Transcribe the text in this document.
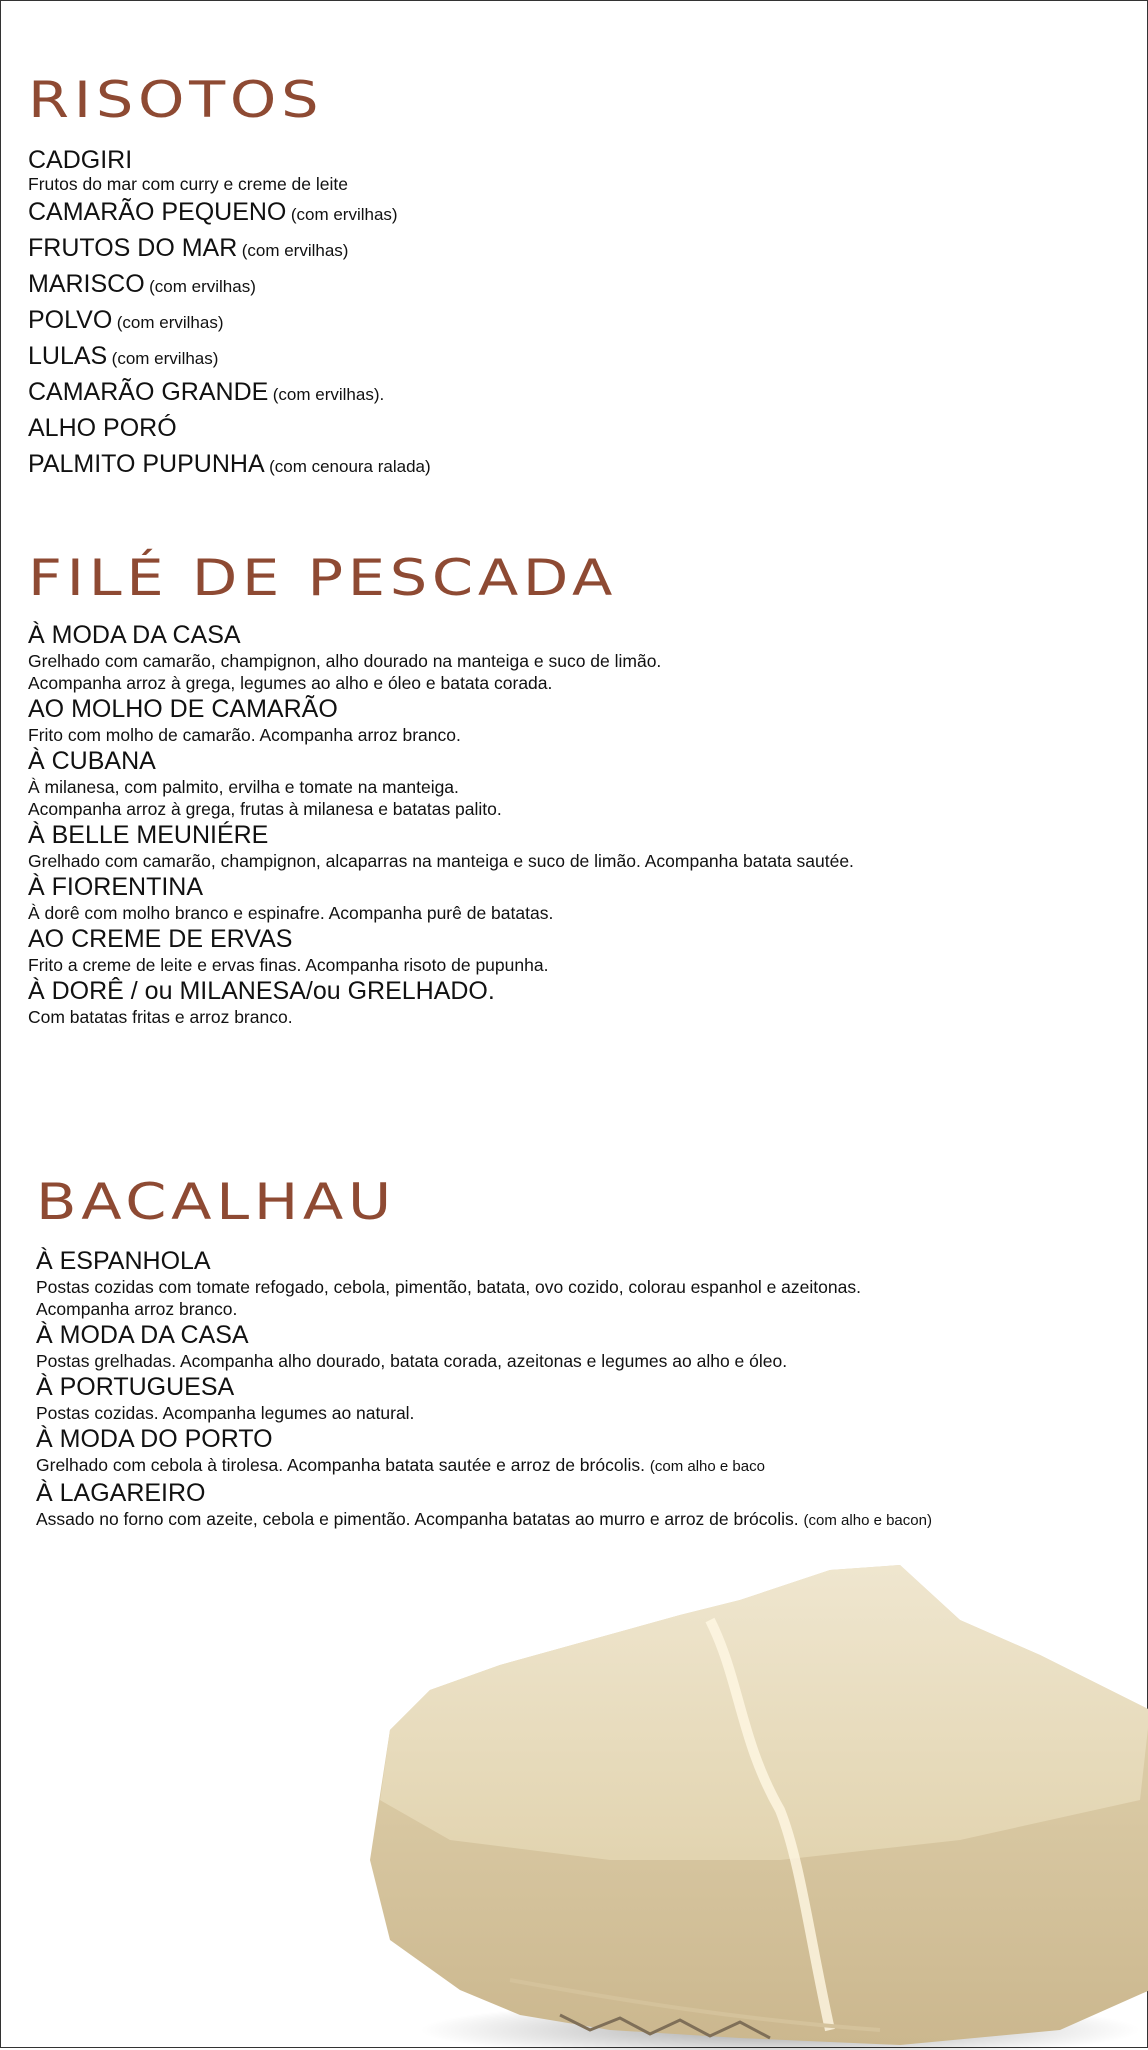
RISOTOS
CADGIRI
Frutos do mar com curry e creme de leite
CAMARÃO PEQUENO (com ervilhas)
FRUTOS DO MAR (com ervilhas)
MARISCO (com ervilhas)
POLVO (com ervilhas)
LULAS (com ervilhas)
CAMARÃO GRANDE (com ervilhas).
ALHO PORÓ
PALMITO PUPUNHA (com cenoura ralada)
FILÉ DE PESCADA
À MODA DA CASA
Grelhado com camarão, champignon, alho dourado na manteiga e suco de limão.
Acompanha arroz à grega, legumes ao alho e óleo e batata corada.
AO MOLHO DE CAMARÃO
Frito com molho de camarão. Acompanha arroz branco.
À CUBANA
À milanesa, com palmito, ervilha e tomate na manteiga.
Acompanha arroz à grega, frutas à milanesa e batatas palito.
À BELLE MEUNIÉRE
Grelhado com camarão, champignon, alcaparras na manteiga e suco de limão. Acompanha batata sautée.
À FIORENTINA
À dorê com molho branco e espinafre. Acompanha purê de batatas.
AO CREME DE ERVAS
Frito a creme de leite e ervas finas. Acompanha risoto de pupunha.
À DORÊ / ou MILANESA/ou GRELHADO.
Com batatas fritas e arroz branco.
BACALHAU
À ESPANHOLA
Postas cozidas com tomate refogado, cebola, pimentão, batata, ovo cozido, colorau espanhol e azeitonas.
Acompanha arroz branco.
À MODA DA CASA
Postas grelhadas. Acompanha alho dourado, batata corada, azeitonas e legumes ao alho e óleo.
À PORTUGUESA
Postas cozidas. Acompanha legumes ao natural.
À MODA DO PORTO
Grelhado com cebola à tirolesa. Acompanha batata sautée e arroz de brócolis. (com alho e baco
À LAGAREIRO
Assado no forno com azeite, cebola e pimentão. Acompanha batatas ao murro e arroz de brócolis. (com alho e bacon)
